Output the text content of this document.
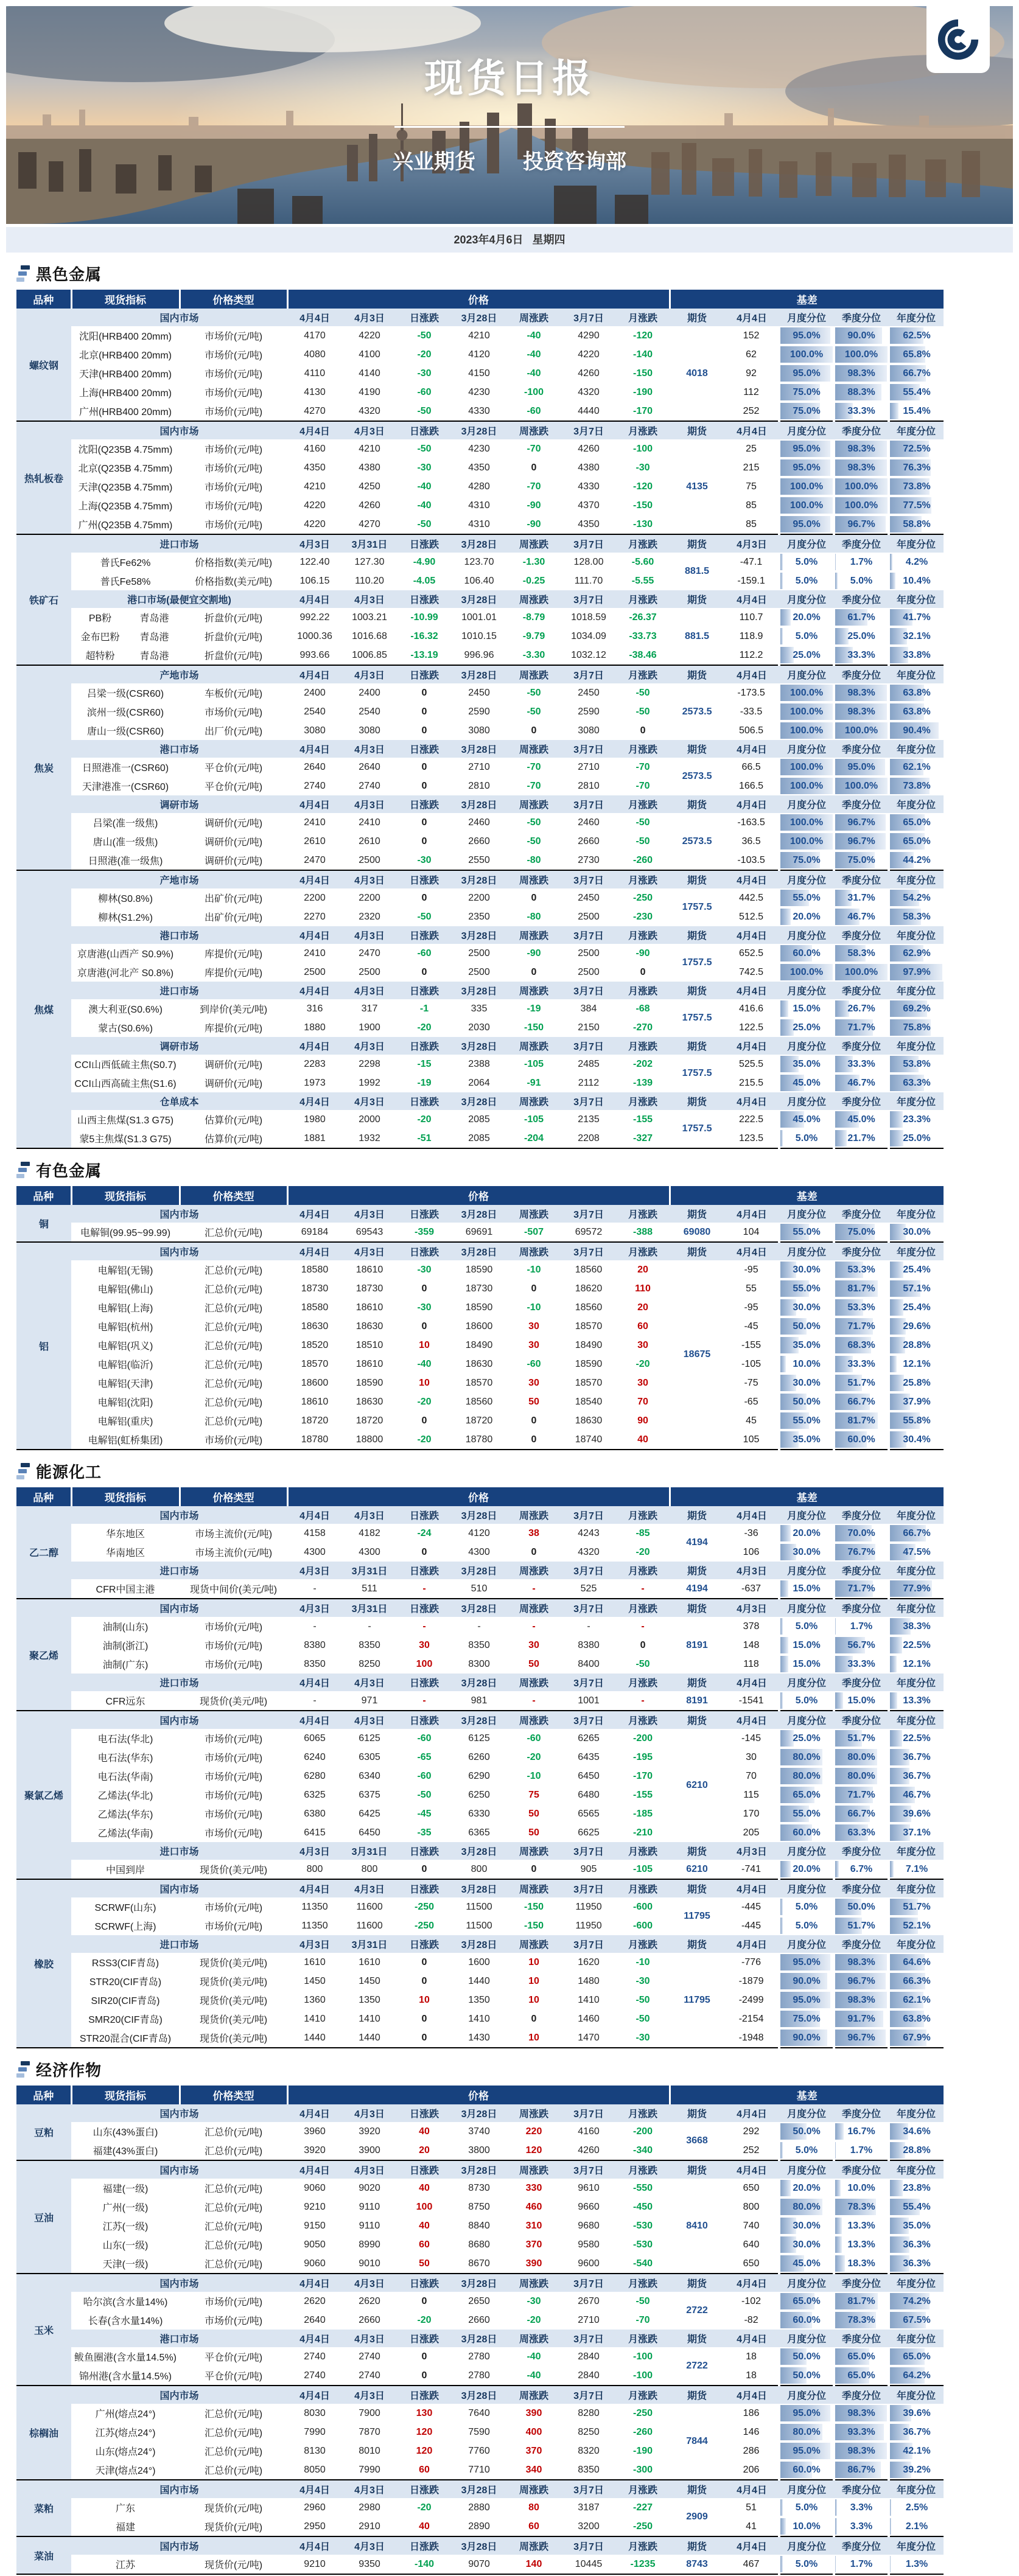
现货日报
兴业期货 投资咨询部
2023年4月6日 星期四
黑色金属
品种	现货指标		价格类型	价格							基差				
螺纹钢	国内市场			4月4日	4月3日	日涨跌	3月28日	周涨跌	3月7日	月涨跌	期货	4月4日	月度分位	季度分位	年度分位
	沈阳(HRB400 20mm)		市场价(元/吨)	4170	4220	-50	4210	-40	4290	-120	4018	152	95.0%	90.0%	62.5%
	北京(HRB400 20mm)		市场价(元/吨)	4080	4100	-20	4120	-40	4220	-140		62	100.0%	100.0%	65.8%
	天津(HRB400 20mm)		市场价(元/吨)	4110	4140	-30	4150	-40	4260	-150		92	95.0%	98.3%	66.7%
	上海(HRB400 20mm)		市场价(元/吨)	4130	4190	-60	4230	-100	4320	-190		112	75.0%	88.3%	55.4%
	广州(HRB400 20mm)		市场价(元/吨)	4270	4320	-50	4330	-60	4440	-170		252	75.0%	33.3%	15.4%
热轧板卷	国内市场			4月4日	4月3日	日涨跌	3月28日	周涨跌	3月7日	月涨跌	期货	4月4日	月度分位	季度分位	年度分位
	沈阳(Q235B 4.75mm)		市场价(元/吨)	4160	4210	-50	4230	-70	4260	-100	4135	25	95.0%	98.3%	72.5%
	北京(Q235B 4.75mm)		市场价(元/吨)	4350	4380	-30	4350	0	4380	-30		215	95.0%	98.3%	76.3%
	天津(Q235B 4.75mm)		市场价(元/吨)	4210	4250	-40	4280	-70	4330	-120		75	100.0%	100.0%	73.8%
	上海(Q235B 4.75mm)		市场价(元/吨)	4220	4260	-40	4310	-90	4370	-150		85	100.0%	100.0%	77.5%
	广州(Q235B 4.75mm)		市场价(元/吨)	4220	4270	-50	4310	-90	4350	-130		85	95.0%	96.7%	58.8%
铁矿石	进口市场			4月3日	3月31日	日涨跌	3月28日	周涨跌	3月7日	月涨跌	期货	4月3日	月度分位	季度分位	年度分位
	普氏Fe62%		价格指数(美元/吨)	122.40	127.30	-4.90	123.70	-1.30	128.00	-5.60	881.5	-47.1	5.0%	1.7%	4.2%
	普氏Fe58%		价格指数(美元/吨)	106.15	110.20	-4.05	106.40	-0.25	111.70	-5.55		-159.1	5.0%	5.0%	10.4%
	港口市场(最便宜交割地)			4月4日	4月3日	日涨跌	3月28日	周涨跌	3月7日	月涨跌	期货	4月4日	月度分位	季度分位	年度分位
	PB粉	青岛港	折盘价(元/吨)	992.22	1003.21	-10.99	1001.01	-8.79	1018.59	-26.37	881.5	110.7	20.0%	61.7%	41.7%
	金布巴粉	青岛港	折盘价(元/吨)	1000.36	1016.68	-16.32	1010.15	-9.79	1034.09	-33.73		118.9	5.0%	25.0%	32.1%
	超特粉	青岛港	折盘价(元/吨)	993.66	1006.85	-13.19	996.96	-3.30	1032.12	-38.46		112.2	25.0%	33.3%	33.8%
焦炭	产地市场			4月4日	4月3日	日涨跌	3月28日	周涨跌	3月7日	月涨跌	期货	4月4日	月度分位	季度分位	年度分位
	吕梁一级(CSR60)		车板价(元/吨)	2400	2400	0	2450	-50	2450	-50	2573.5	-173.5	100.0%	98.3%	63.8%
	滨州一级(CSR60)		市场价(元/吨)	2540	2540	0	2590	-50	2590	-50		-33.5	100.0%	98.3%	63.8%
	唐山一级(CSR60)		出厂价(元/吨)	3080	3080	0	3080	0	3080	0		506.5	100.0%	100.0%	90.4%
	港口市场			4月4日	4月3日	日涨跌	3月28日	周涨跌	3月7日	月涨跌	期货	4月4日	月度分位	季度分位	年度分位
	日照港准一(CSR60)		平仓价(元/吨)	2640	2640	0	2710	-70	2710	-70	2573.5	66.5	100.0%	95.0%	62.1%
	天津港准一(CSR60)		平仓价(元/吨)	2740	2740	0	2810	-70	2810	-70		166.5	100.0%	100.0%	73.8%
	调研市场			4月4日	4月3日	日涨跌	3月28日	周涨跌	3月7日	月涨跌	期货	4月4日	月度分位	季度分位	年度分位
	吕梁(准一级焦)		调研价(元/吨)	2410	2410	0	2460	-50	2460	-50	2573.5	-163.5	100.0%	96.7%	65.0%
	唐山(准一级焦)		调研价(元/吨)	2610	2610	0	2660	-50	2660	-50		36.5	100.0%	96.7%	65.0%
	日照港(准一级焦)		调研价(元/吨)	2470	2500	-30	2550	-80	2730	-260		-103.5	75.0%	75.0%	44.2%
焦煤	产地市场			4月4日	4月3日	日涨跌	3月28日	周涨跌	3月7日	月涨跌	期货	4月4日	月度分位	季度分位	年度分位
	柳林(S0.8%)		出矿价(元/吨)	2200	2200	0	2200	0	2450	-250	1757.5	442.5	55.0%	31.7%	54.2%
	柳林(S1.2%)		出矿价(元/吨)	2270	2320	-50	2350	-80	2500	-230		512.5	20.0%	46.7%	58.3%
	港口市场			4月4日	4月3日	日涨跌	3月28日	周涨跌	3月7日	月涨跌	期货	4月4日	月度分位	季度分位	年度分位
	京唐港(山西产 S0.9%)		库提价(元/吨)	2410	2470	-60	2500	-90	2500	-90	1757.5	652.5	60.0%	58.3%	62.9%
	京唐港(河北产 S0.8%)		库提价(元/吨)	2500	2500	0	2500	0	2500	0		742.5	100.0%	100.0%	97.9%
	进口市场			4月4日	4月3日	日涨跌	3月28日	周涨跌	3月7日	月涨跌	期货	4月4日	月度分位	季度分位	年度分位
	澳大利亚(S0.6%)		到岸价(美元/吨)	316	317	-1	335	-19	384	-68	1757.5	416.6	15.0%	26.7%	69.2%
	蒙古(S0.6%)		库提价(元/吨)	1880	1900	-20	2030	-150	2150	-270		122.5	25.0%	71.7%	75.8%
	调研市场			4月4日	4月3日	日涨跌	3月28日	周涨跌	3月7日	月涨跌	期货	4月4日	月度分位	季度分位	年度分位
	CCI山西低硫主焦(S0.7)		调研价(元/吨)	2283	2298	-15	2388	-105	2485	-202	1757.5	525.5	35.0%	33.3%	53.8%
	CCI山西高硫主焦(S1.6)		调研价(元/吨)	1973	1992	-19	2064	-91	2112	-139		215.5	45.0%	46.7%	63.3%
	仓单成本			4月4日	4月3日	日涨跌	3月28日	周涨跌	3月7日	月涨跌	期货	4月4日	月度分位	季度分位	年度分位
	山西主焦煤(S1.3 G75)		估算价(元/吨)	1980	2000	-20	2085	-105	2135	-155	1757.5	222.5	45.0%	45.0%	23.3%
	蒙5主焦煤(S1.3 G75)		估算价(元/吨)	1881	1932	-51	2085	-204	2208	-327		123.5	5.0%	21.7%	25.0%
有色金属
品种	现货指标	价格类型	价格							基差				
铜	国内市场		4月4日	4月3日	日涨跌	3月28日	周涨跌	3月7日	月涨跌	期货	4月4日	月度分位	季度分位	年度分位
	电解铜(99.95~99.99)	汇总价(元/吨)	69184	69543	-359	69691	-507	69572	-388	69080	104	55.0%	75.0%	30.0%
铝	国内市场		4月4日	4月3日	日涨跌	3月28日	周涨跌	3月7日	月涨跌	期货	4月4日	月度分位	季度分位	年度分位
	电解铝(无锡)	汇总价(元/吨)	18580	18610	-30	18590	-10	18560	20	18675	-95	30.0%	53.3%	25.4%
	电解铝(佛山)	汇总价(元/吨)	18730	18730	0	18730	0	18620	110		55	55.0%	81.7%	57.1%
	电解铝(上海)	汇总价(元/吨)	18580	18610	-30	18590	-10	18560	20		-95	30.0%	53.3%	25.4%
	电解铝(杭州)	汇总价(元/吨)	18630	18630	0	18600	30	18570	60		-45	50.0%	71.7%	29.6%
	电解铝(巩义)	汇总价(元/吨)	18520	18510	10	18490	30	18490	30		-155	35.0%	68.3%	28.8%
	电解铝(临沂)	汇总价(元/吨)	18570	18610	-40	18630	-60	18590	-20		-105	10.0%	33.3%	12.1%
	电解铝(天津)	汇总价(元/吨)	18600	18590	10	18570	30	18570	30		-75	30.0%	51.7%	25.8%
	电解铝(沈阳)	汇总价(元/吨)	18610	18630	-20	18560	50	18540	70		-65	50.0%	66.7%	37.9%
	电解铝(重庆)	汇总价(元/吨)	18720	18720	0	18720	0	18630	90		45	55.0%	81.7%	55.8%
	电解铝(虹桥集团)	市场价(元/吨)	18780	18800	-20	18780	0	18740	40		105	35.0%	60.0%	30.4%
能源化工
品种	现货指标	价格类型	价格							基差				
乙二醇	国内市场		4月4日	4月3日	日涨跌	3月28日	周涨跌	3月7日	月涨跌	期货	4月4日	月度分位	季度分位	年度分位
	华东地区	市场主流价(元/吨)	4158	4182	-24	4120	38	4243	-85	4194	-36	20.0%	70.0%	66.7%
	华南地区	市场主流价(元/吨)	4300	4300	0	4300	0	4320	-20		106	30.0%	76.7%	47.5%
	进口市场		4月3日	3月31日	日涨跌	3月28日	周涨跌	3月7日	月涨跌	期货	4月3日	月度分位	季度分位	年度分位
	CFR中国主港	现货中间价(美元/吨)	-	511	-	510	-	525	-	4194	-637	15.0%	71.7%	77.9%
聚乙烯	国内市场		4月3日	3月31日	日涨跌	3月28日	周涨跌	3月7日	月涨跌	期货	4月3日	月度分位	季度分位	年度分位
	油制(山东)	市场价(元/吨)	-	-	-	-	-	-	-	8191	378	5.0%	1.7%	38.3%
	油制(浙江)	市场价(元/吨)	8380	8350	30	8350	30	8380	0		148	15.0%	56.7%	22.5%
	油制(广东)	市场价(元/吨)	8350	8250	100	8300	50	8400	-50		118	15.0%	33.3%	12.1%
	进口市场		4月4日	4月3日	日涨跌	3月28日	周涨跌	3月7日	月涨跌	期货	4月4日	月度分位	季度分位	年度分位
	CFR远东	现货价(美元/吨)	-	971	-	981	-	1001	-	8191	-1541	5.0%	15.0%	13.3%
聚氯乙烯	国内市场		4月4日	4月3日	日涨跌	3月28日	周涨跌	3月7日	月涨跌	期货	4月4日	月度分位	季度分位	年度分位
	电石法(华北)	市场价(元/吨)	6065	6125	-60	6125	-60	6265	-200	6210	-145	25.0%	51.7%	22.5%
	电石法(华东)	市场价(元/吨)	6240	6305	-65	6260	-20	6435	-195		30	80.0%	80.0%	36.7%
	电石法(华南)	市场价(元/吨)	6280	6340	-60	6290	-10	6450	-170		70	80.0%	80.0%	36.7%
	乙烯法(华北)	市场价(元/吨)	6325	6375	-50	6250	75	6480	-155		115	65.0%	71.7%	46.7%
	乙烯法(华东)	市场价(元/吨)	6380	6425	-45	6330	50	6565	-185		170	55.0%	66.7%	39.6%
	乙烯法(华南)	市场价(元/吨)	6415	6450	-35	6365	50	6625	-210		205	60.0%	63.3%	37.1%
	进口市场		4月3日	3月31日	日涨跌	3月28日	周涨跌	3月7日	月涨跌	期货	4月3日	月度分位	季度分位	年度分位
	中国到岸	现货价(美元/吨)	800	800	0	800	0	905	-105	6210	-741	20.0%	6.7%	7.1%
橡胶	国内市场		4月4日	4月3日	日涨跌	3月28日	周涨跌	3月7日	月涨跌	期货	4月4日	月度分位	季度分位	年度分位
	SCRWF(山东)	市场价(元/吨)	11350	11600	-250	11500	-150	11950	-600	11795	-445	5.0%	50.0%	51.7%
	SCRWF(上海)	市场价(元/吨)	11350	11600	-250	11500	-150	11950	-600		-445	5.0%	51.7%	52.1%
	进口市场		4月3日	3月31日	日涨跌	3月28日	周涨跌	3月7日	月涨跌	期货	4月4日	月度分位	季度分位	年度分位
	RSS3(CIF青岛)	现货价(美元/吨)	1610	1610	0	1600	10	1620	-10	11795	-776	95.0%	98.3%	64.6%
	STR20(CIF青岛)	现货价(美元/吨)	1450	1450	0	1440	10	1480	-30		-1879	90.0%	96.7%	66.3%
	SIR20(CIF青岛)	现货价(美元/吨)	1360	1350	10	1350	10	1410	-50		-2499	95.0%	98.3%	62.1%
	SMR20(CIF青岛)	现货价(美元/吨)	1410	1410	0	1410	0	1460	-50		-2154	75.0%	91.7%	63.8%
	STR20混合(CIF青岛)	现货价(美元/吨)	1440	1440	0	1430	10	1470	-30		-1948	90.0%	96.7%	67.9%
经济作物
品种	现货指标	价格类型	价格							基差				
豆粕	国内市场		4月4日	4月3日	日涨跌	3月28日	周涨跌	3月7日	月涨跌	期货	4月4日	月度分位	季度分位	年度分位
	山东(43%蛋白)	汇总价(元/吨)	3960	3920	40	3740	220	4160	-200	3668	292	50.0%	16.7%	34.6%
	福建(43%蛋白)	汇总价(元/吨)	3920	3900	20	3800	120	4260	-340		252	5.0%	1.7%	28.8%
豆油	国内市场		4月4日	4月3日	日涨跌	3月28日	周涨跌	3月7日	月涨跌	期货	4月4日	月度分位	季度分位	年度分位
	福建(一级)	汇总价(元/吨)	9060	9020	40	8730	330	9610	-550	8410	650	20.0%	10.0%	23.8%
	广州(一级)	汇总价(元/吨)	9210	9110	100	8750	460	9660	-450		800	80.0%	78.3%	55.4%
	江苏(一级)	汇总价(元/吨)	9150	9110	40	8840	310	9680	-530		740	30.0%	13.3%	35.0%
	山东(一级)	汇总价(元/吨)	9050	8990	60	8680	370	9580	-530		640	30.0%	13.3%	36.3%
	天津(一级)	汇总价(元/吨)	9060	9010	50	8670	390	9600	-540		650	45.0%	18.3%	36.3%
玉米	国内市场		4月4日	4月3日	日涨跌	3月28日	周涨跌	3月7日	月涨跌	期货	4月4日	月度分位	季度分位	年度分位
	哈尔滨(含水量14%)	市场价(元/吨)	2620	2620	0	2650	-30	2670	-50	2722	-102	65.0%	81.7%	74.2%
	长春(含水量14%)	市场价(元/吨)	2640	2660	-20	2660	-20	2710	-70		-82	60.0%	78.3%	67.5%
	港口市场		4月4日	4月3日	日涨跌	3月28日	周涨跌	3月7日	月涨跌	期货	4月4日	月度分位	季度分位	年度分位
	鲅鱼圈港(含水量14.5%)	平仓价(元/吨)	2740	2740	0	2780	-40	2840	-100	2722	18	50.0%	65.0%	65.0%
	锦州港(含水量14.5%)	平仓价(元/吨)	2740	2740	0	2780	-40	2840	-100		18	50.0%	65.0%	64.2%
棕榈油	国内市场		4月4日	4月3日	日涨跌	3月28日	周涨跌	3月7日	月涨跌	期货	4月4日	月度分位	季度分位	年度分位
	广州(熔点24°)	汇总价(元/吨)	8030	7900	130	7640	390	8280	-250	7844	186	95.0%	98.3%	39.6%
	江苏(熔点24°)	汇总价(元/吨)	7990	7870	120	7590	400	8250	-260		146	80.0%	93.3%	36.7%
	山东(熔点24°)	汇总价(元/吨)	8130	8010	120	7760	370	8320	-190		286	95.0%	98.3%	42.1%
	天津(熔点24°)	汇总价(元/吨)	8050	7990	60	7710	340	8350	-300		206	60.0%	86.7%	39.2%
菜粕	国内市场		4月4日	4月3日	日涨跌	3月28日	周涨跌	3月7日	月涨跌	期货	4月4日	月度分位	季度分位	年度分位
	广东	现货价(元/吨)	2960	2980	-20	2880	80	3187	-227	2909	51	5.0%	3.3%	2.5%
	福建	现货价(元/吨)	2950	2910	40	2890	60	3200	-250		41	10.0%	3.3%	2.1%
菜油	国内市场		4月4日	4月3日	日涨跌	3月28日	周涨跌	3月7日	月涨跌	期货	4月4日	月度分位	季度分位	年度分位
	江苏	现货价(元/吨)	9210	9350	-140	9070	140	10445	-1235	8743	467	5.0%	1.7%	1.3%
